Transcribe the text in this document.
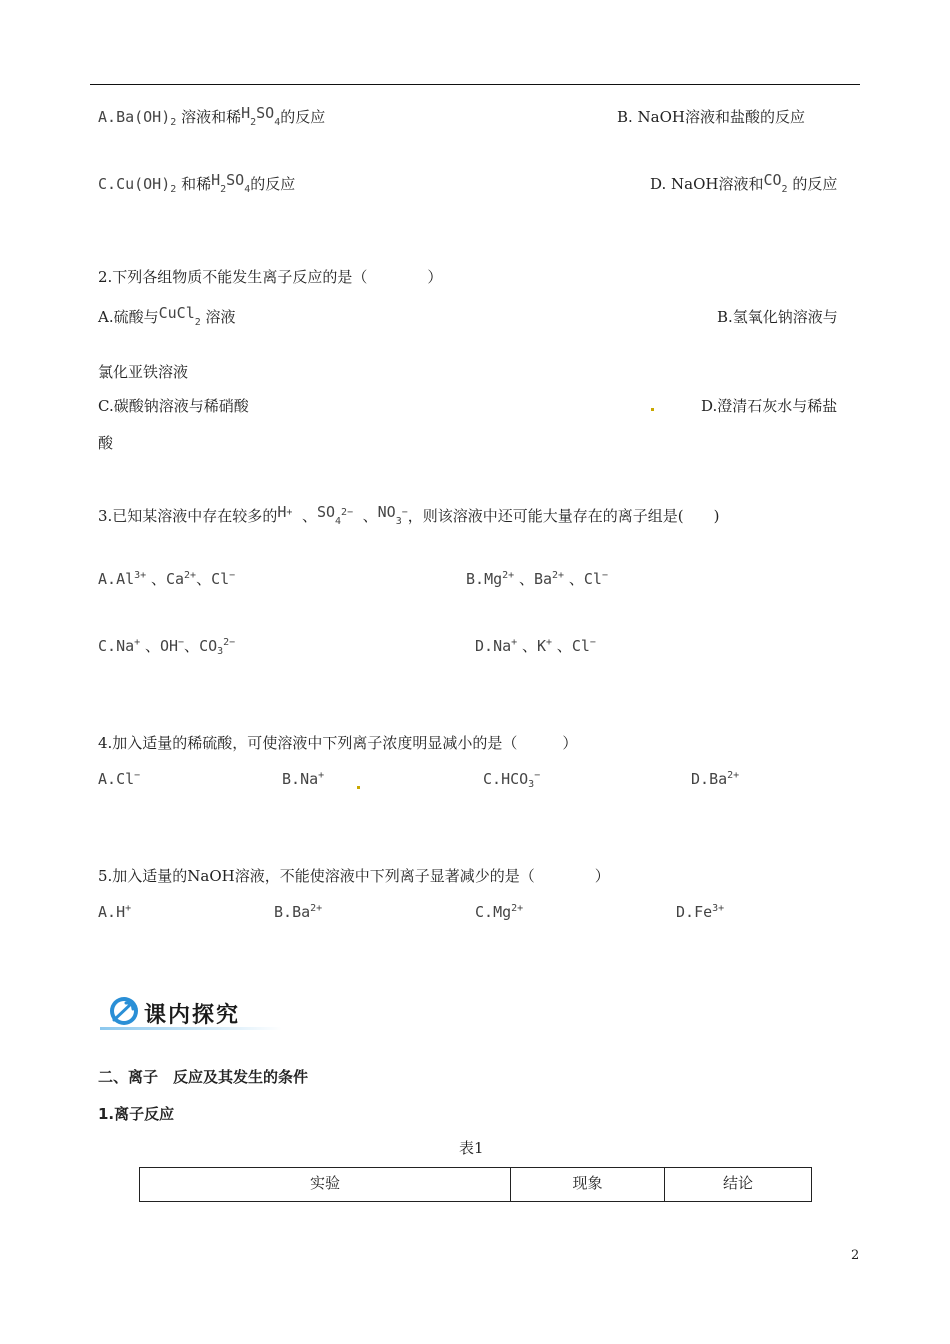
$A.Ba(OH)_2$ 溶液和稀$H_2SO_4$的反应	B. NaOH溶液和盐酸的反应
$C.Cu(OH)_2$ 和稀$H_2SO_4$的反应	D. NaOH溶液和$CO_2$ 的反应
2.下列各组物质不能发生离子反应的是（　　　　）
A.硫酸与CuCl$_2$ 溶液	B.氢氧化钠溶液与
氯化亚铁溶液
C.碳酸钠溶液与稀硝酸	D.澄清石灰水与稀盐
酸
3.已知某溶液中存在较多的H+ 、$SO_4^{2-}$ 、$NO_3^-$，则该溶液中还可能大量存在的离子组是(　　)
$A.Al^{3+}$ 、$Ca^{2+}$、Cl−	$B.Mg^{2+}$ 、$Ba^{2+}$ 、Cl−
C.Na+ 、OH−、$CO_3^{2-}$	D.Na+ 、K+ 、Cl−
4.加入适量的稀硫酸，可使溶液中下列离子浓度明显减小的是（　　　）
A.Cl−	B.Na+	$C.HCO_3^-$	$D.Ba^{2+}$
5.加入适量的NaOH溶液，不能使溶液中下列离子显著减少的是（　　　　）
A.H+	$B.Ba^{2+}$	$C.Mg^{2+}$	$D.Fe^{3+}$
课内探究
二、离子　反应及其发生的条件
1.离子反应
表1
实验	现象	结论
2
